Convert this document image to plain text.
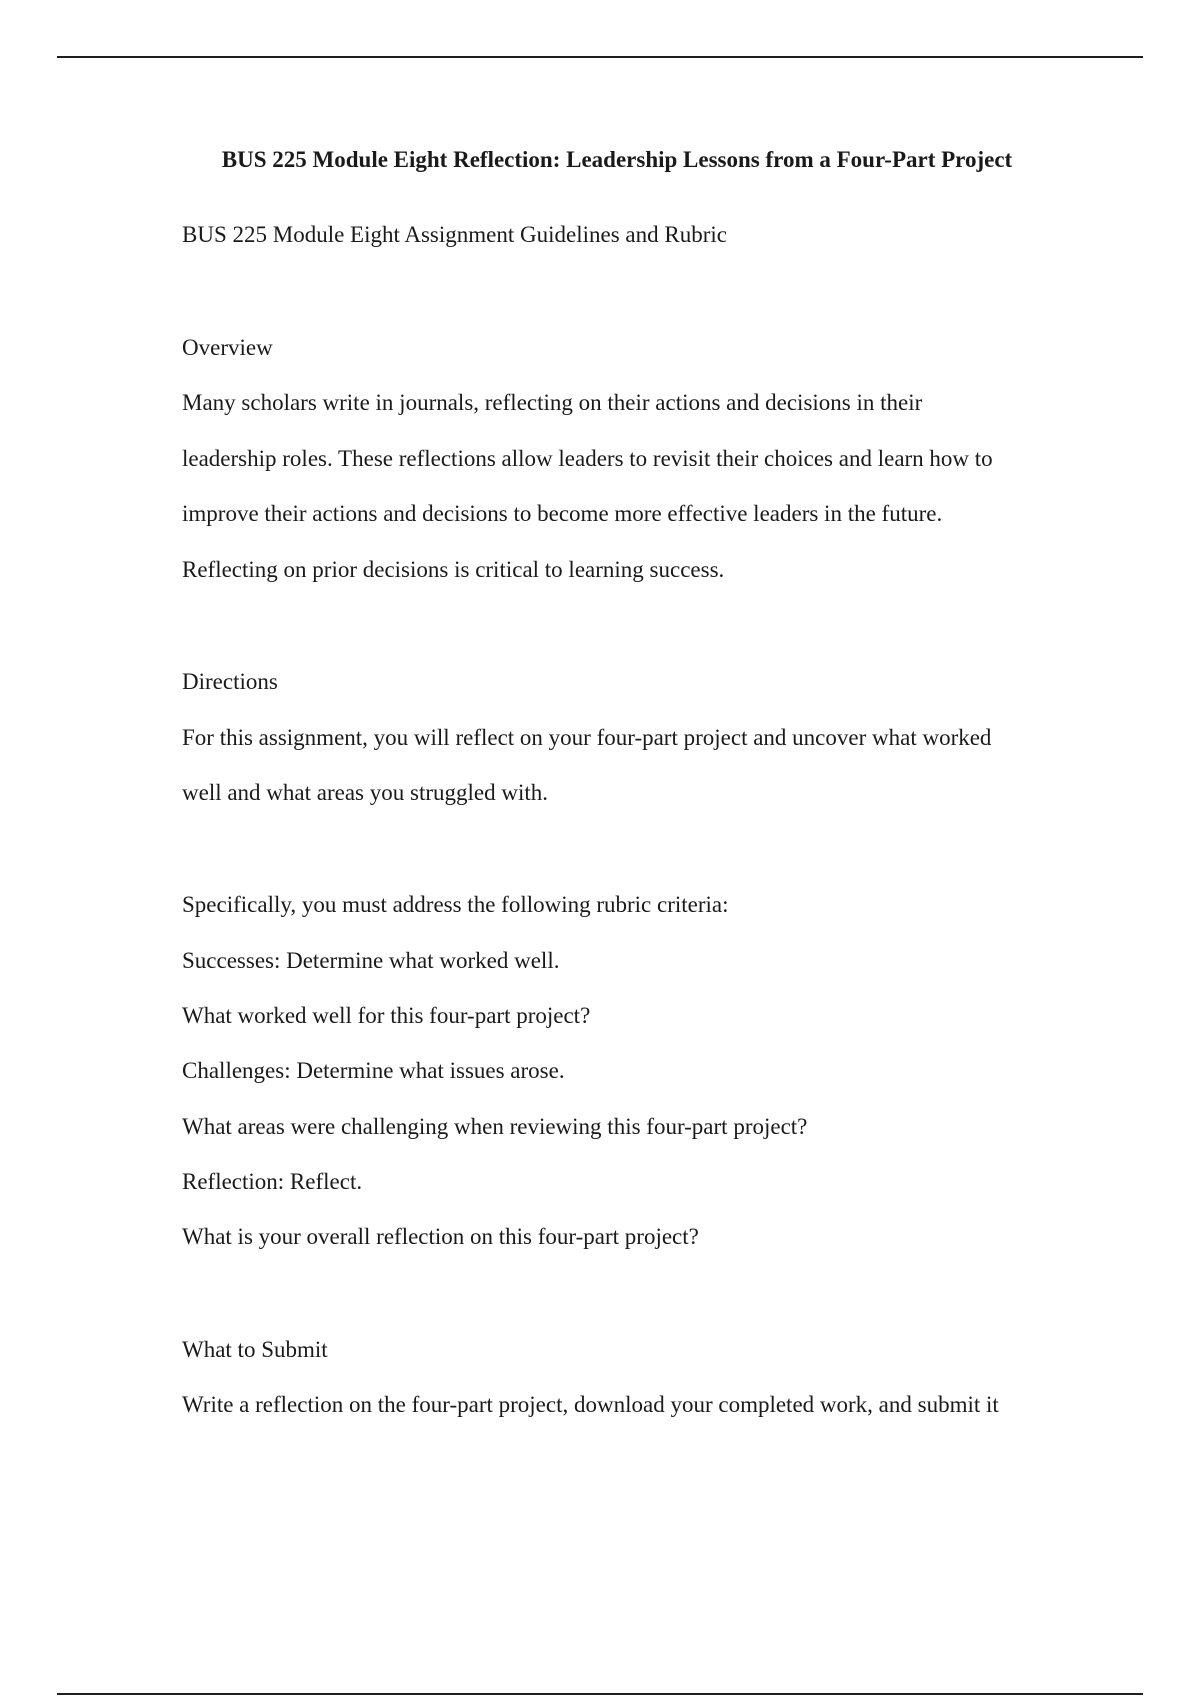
BUS 225 Module Eight Reflection: Leadership Lessons from a Four-Part Project
BUS 225 Module Eight Assignment Guidelines and Rubric
Overview
Many scholars write in journals, reflecting on their actions and decisions in their
leadership roles. These reflections allow leaders to revisit their choices and learn how to
improve their actions and decisions to become more effective leaders in the future.
Reflecting on prior decisions is critical to learning success.
Directions
For this assignment, you will reflect on your four-part project and uncover what worked
well and what areas you struggled with.
Specifically, you must address the following rubric criteria:
Successes: Determine what worked well.
What worked well for this four-part project?
Challenges: Determine what issues arose.
What areas were challenging when reviewing this four-part project?
Reflection: Reflect.
What is your overall reflection on this four-part project?
What to Submit
Write a reflection on the four-part project, download your completed work, and submit it
